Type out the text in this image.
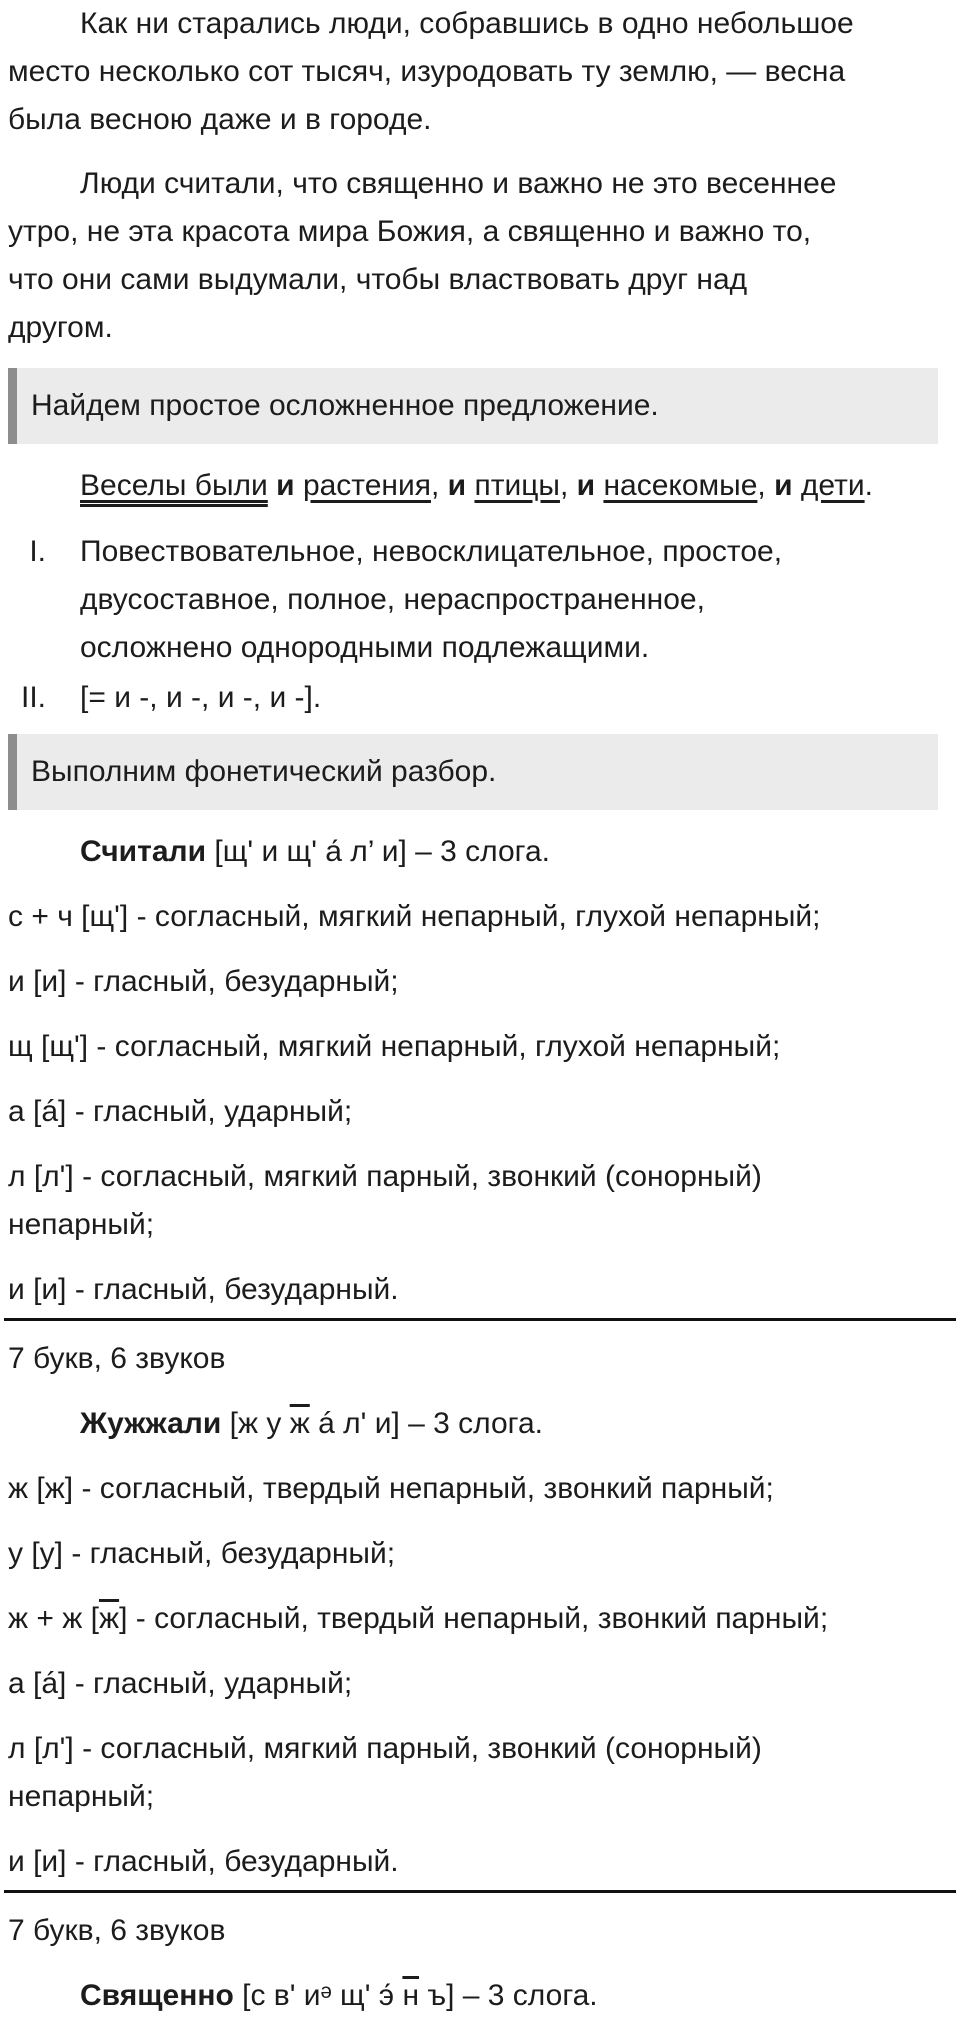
Как ни старались люди, собравшись в одно небольшое
место несколько сот тысяч, изуродовать ту землю, — весна
была весною даже и в городе.
Люди считали, что священно и важно не это весеннее
утро, не эта красота мира Божия, а священно и важно то,
что они сами выдумали, чтобы властвовать друг над
другом.
Найдем простое осложненное предложение.
Веселы были и растения, и птицы, и насекомые, и дети.
I. Повествовательное, невосклицательное, простое,
двусоставное, полное, нераспространенное,
осложнено однородными подлежащими.
II. [= и -, и -, и -, и -].
Выполним фонетический разбор.
Считали [щ' и щ' а́ л’ и] – 3 слога.
с + ч [щ'] - согласный, мягкий непарный, глухой непарный;
и [и] - гласный, безударный;
щ [щ'] - согласный, мягкий непарный, глухой непарный;
а [á] - гласный, ударный;
л [л'] - согласный, мягкий парный, звонкий (сонорный)
непарный;
и [и] - гласный, безударный.
7 букв, 6 звуков
Жужжали [ж у ж á л' и] – 3 слога.
ж [ж] - согласный, твердый непарный, звонкий парный;
у [у] - гласный, безударный;
ж + ж [ж] - согласный, твердый непарный, звонкий парный;
а [á] - гласный, ударный;
л [л'] - согласный, мягкий парный, звонкий (сонорный)
непарный;
и [и] - гласный, безударный.
7 букв, 6 звуков
Священно [с в' иᵊ щ' э́ н ъ] – 3 слога.
